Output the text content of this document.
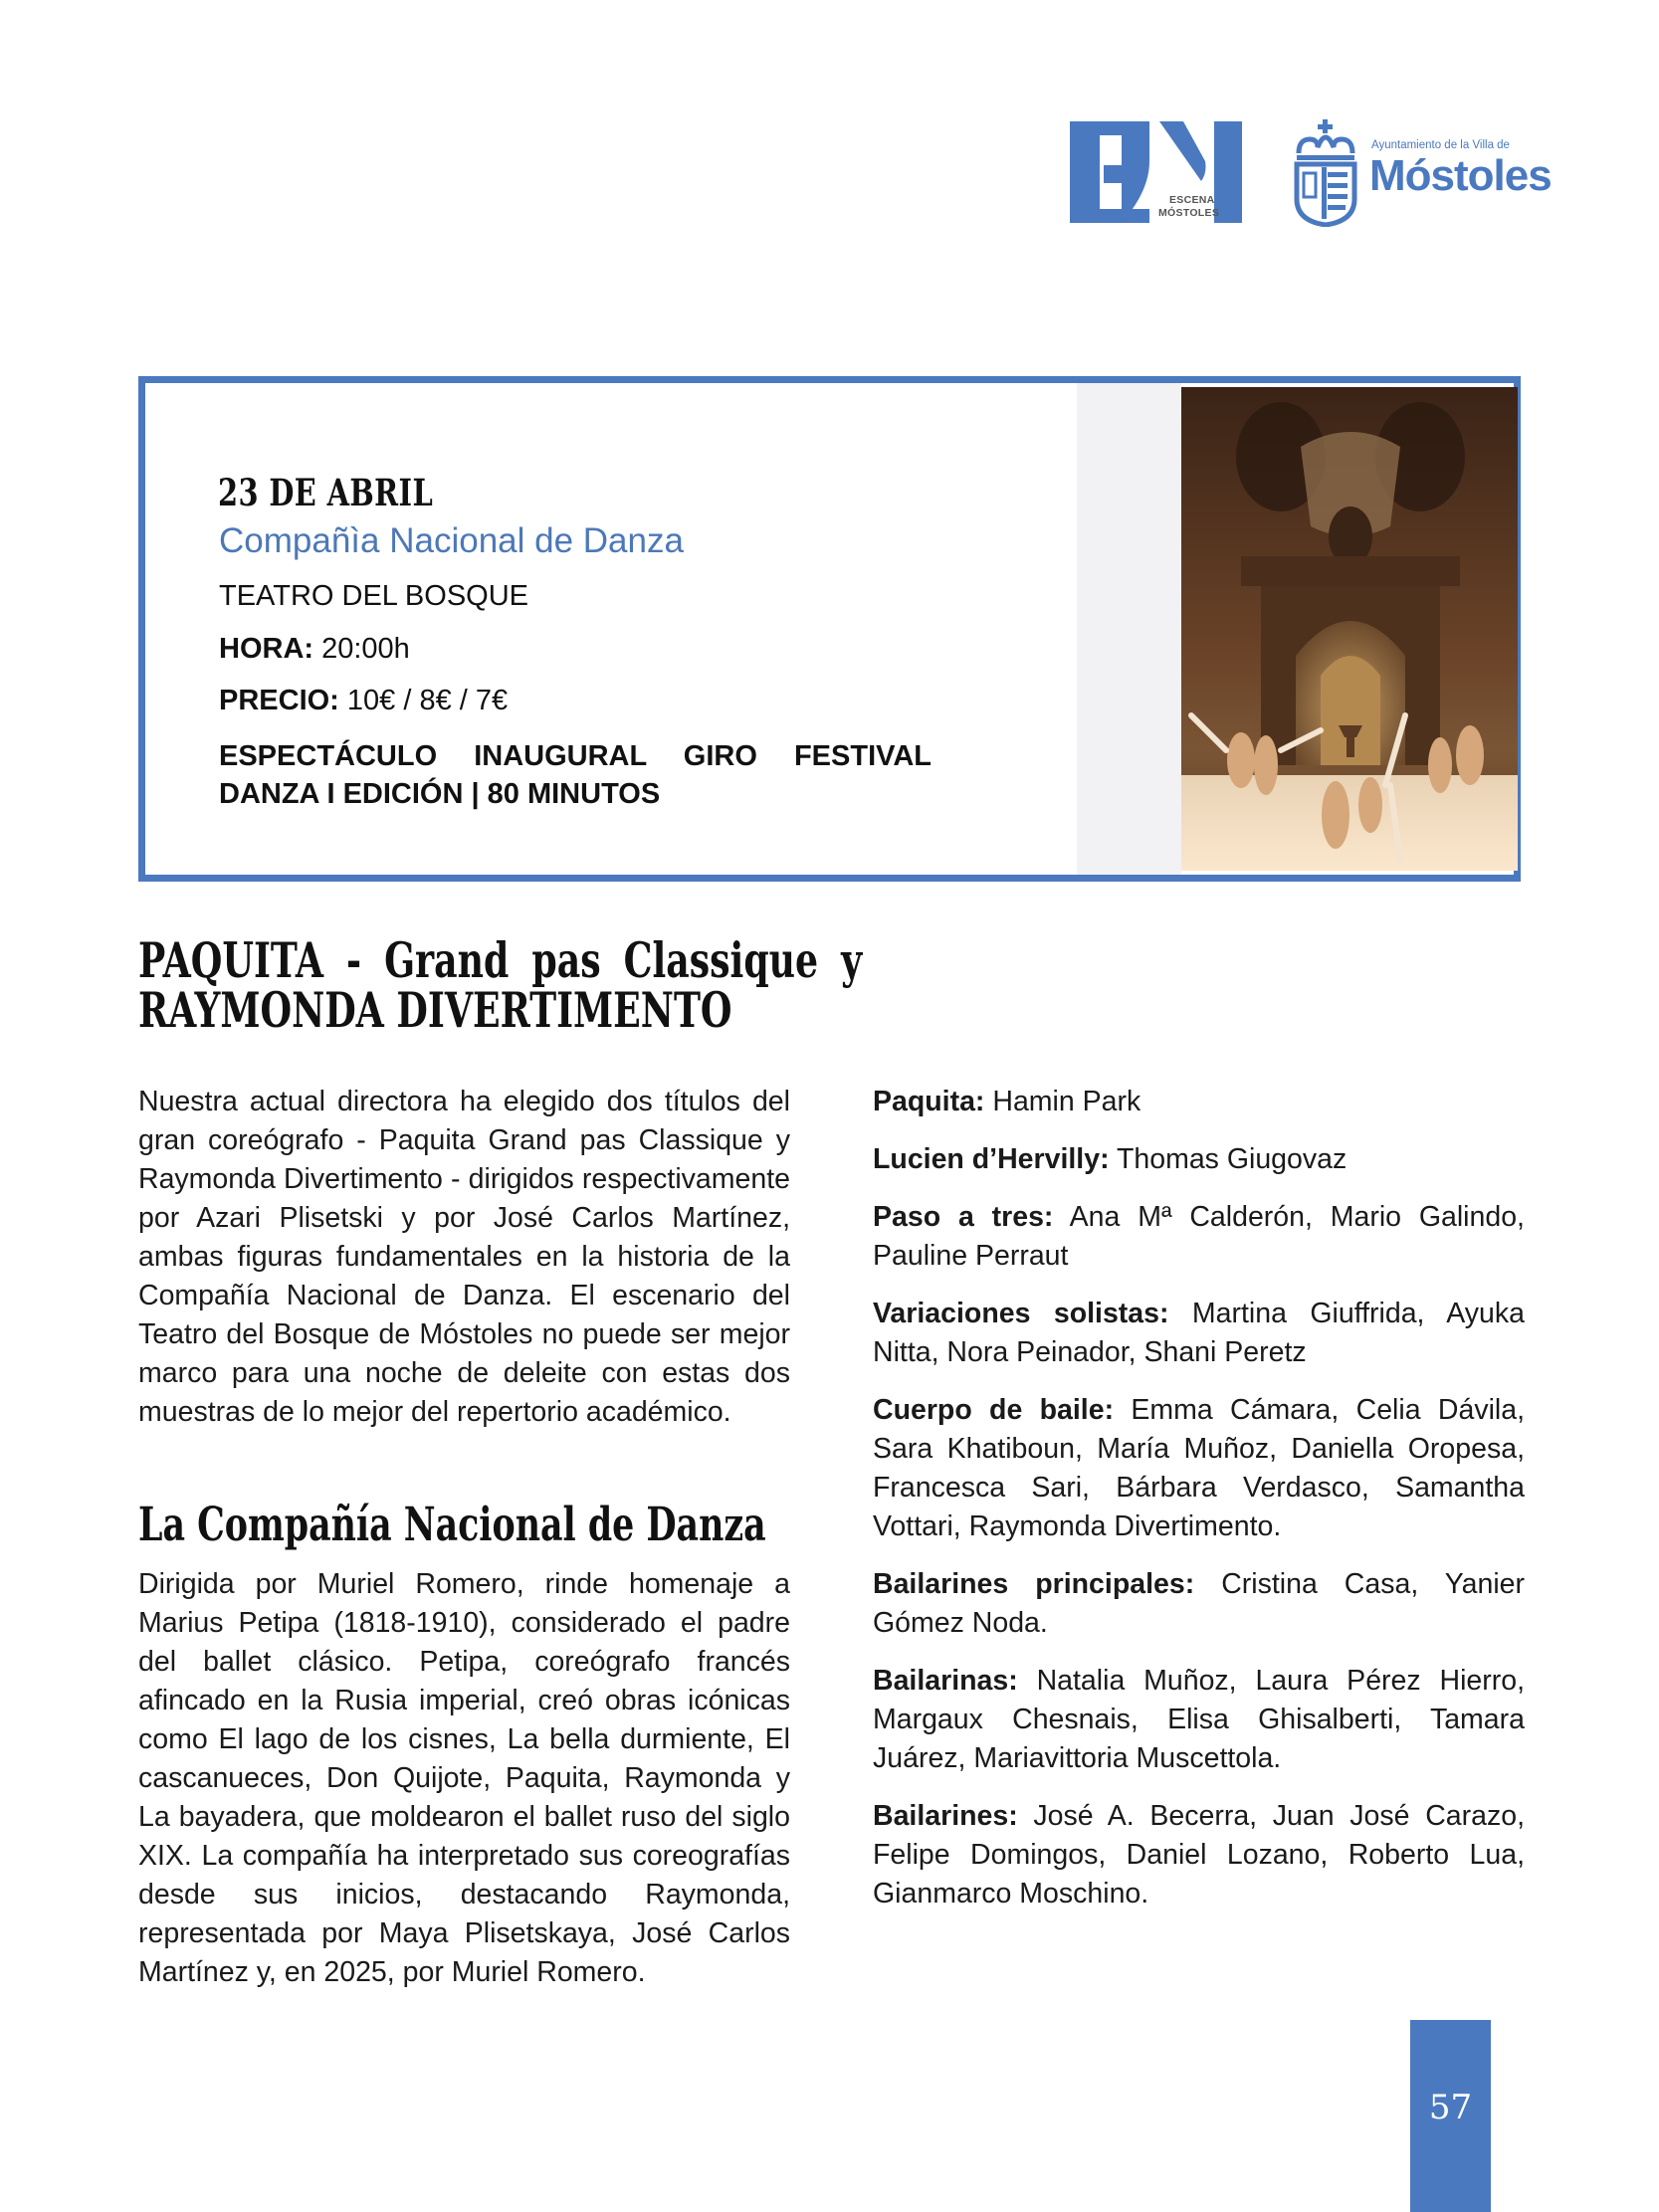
ESCENA
MÓSTOLES
Ayuntamiento de la Villa de
Móstoles
23 DE ABRIL
Compañìa Nacional de Danza
TEATRO DEL BOSQUE
HORA: 20:00h
PRECIO: 10€ / 8€ / 7€
ESPECTÁCULO INAUGURAL GIRO FESTIVAL DANZA I EDICIÓN | 80 MINUTOS
PAQUITA - Grand pas Classique y
RAYMONDA DIVERTIMENTO
Nuestra actual directora ha elegido dos títulos del gran coreógrafo - Paquita Grand pas Classique y Raymonda Divertimento - dirigidos respectivamente por Azari Plisetski y por José Carlos Martínez, ambas figuras fundamentales en la historia de la Compañía Nacional de Danza. El escenario del Teatro del Bosque de Móstoles no puede ser mejor marco para una noche de deleite con estas dos muestras de lo mejor del repertorio académico.
La Compañía Nacional de Danza
Dirigida por Muriel Romero, rinde homenaje a Marius Petipa (1818-1910), considerado el padre del ballet clásico. Petipa, coreógrafo francés afincado en la Rusia imperial, creó obras icónicas como El lago de los cisnes, La bella durmiente, El cascanueces, Don Quijote, Paquita, Raymonda y La bayadera, que moldearon el ballet ruso del siglo XIX. La compañía ha interpretado sus coreografías desde sus inicios, destacando Raymonda, representada por Maya Plisetskaya, José Carlos Martínez y, en 2025, por Muriel Romero.

Paquita: Hamin Park

Lucien d’Hervilly: Thomas Giugovaz

Paso a tres: Ana Mª Calderón, Mario Galindo, Pauline Perraut

Variaciones solistas: Martina Giuffrida, Ayuka Nitta, Nora Peinador, Shani Peretz

Cuerpo de baile: Emma Cámara, Celia Dávila, Sara Khatiboun, María Muñoz, Daniella Oropesa, Francesca Sari, Bárbara Verdasco, Samantha Vottari, Raymonda Divertimento.

Bailarines principales: Cristina Casa, Yanier Gómez Noda.

Bailarinas: Natalia Muñoz, Laura Pérez Hierro, Margaux Chesnais, Elisa Ghisalberti, Tamara Juárez, Mariavittoria Muscettola.

Bailarines: José A. Becerra, Juan José Carazo, Felipe Domingos, Daniel Lozano, Roberto Lua, Gianmarco Moschino.

57
